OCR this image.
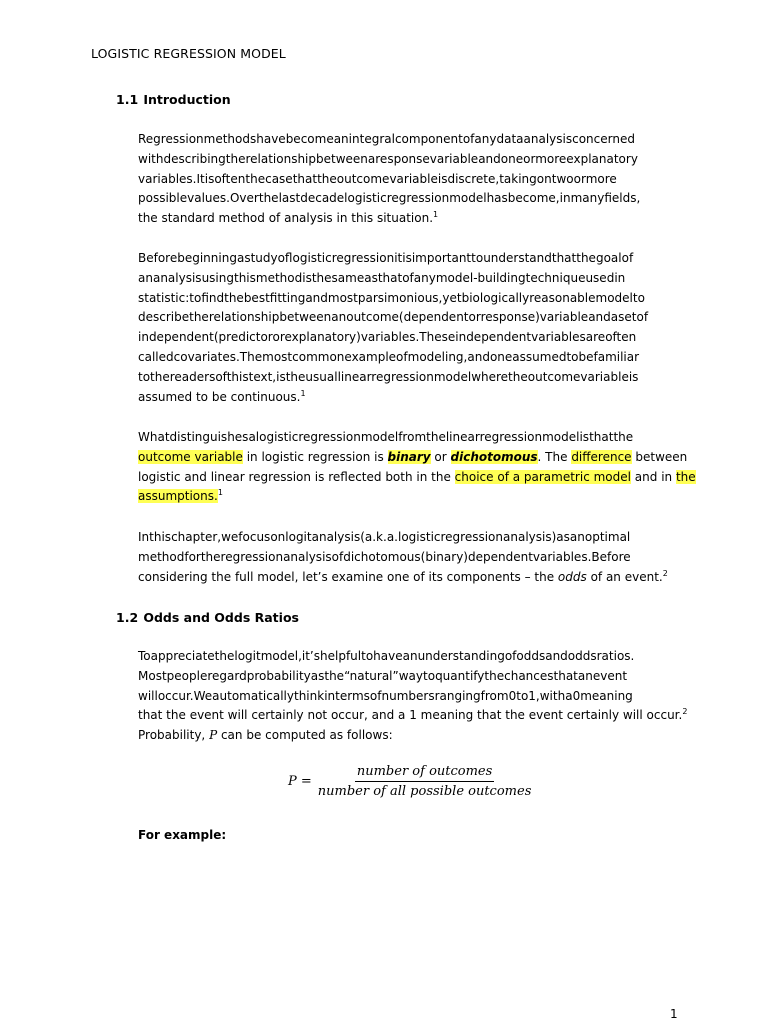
LOGISTIC REGRESSION MODEL
1.1 Introduction
Regressionmethodshavebecomeanintegralcomponentofanydataanalysisconcerned
withdescribingtherelationshipbetweenaresponsevariableandoneormoreexplanatory
variables.Itisoftenthecasethattheoutcomevariableisdiscrete,takingontwoormore
possiblevalues.Overthelastdecadelogisticregressionmodelhasbecome,inmanyfields,
the standard method of analysis in this situation.$^1$
Beforebeginningastudyoflogisticregressionitisimportanttounderstandthatthegoalof
ananalysisusingthismethodisthesameasthatofanymodel-buildingtechniqueusedin
statistic:tofindthebestfittingandmostparsimonious,yetbiologicallyreasonablemodelto
describetherelationshipbetweenanoutcome(dependentorresponse)variableandasetof
independent(predictororexplanatory)variables.Theseindependentvariablesareoften
calledcovariates.Themostcommonexampleofmodeling,andoneassumedtobefamiliar
tothereadersofthistext,istheusuallinearregressionmodelwheretheoutcomevariableis
assumed to be continuous.$^1$
Whatdistinguishesalogisticregressionmodelfromthelinearregressionmodelisthatthe
outcome variable in logistic regression is binary or dichotomous. The difference between
logistic and linear regression is reflected both in the choice of a parametric model and in the
assumptions.$^1$
Inthischapter,wefocusonlogitanalysis(a.k.a.logisticregressionanalysis)asanoptimal
methodfortheregressionanalysisofdichotomous(binary)dependentvariables.Before
considering the full model, let’s examine one of its components – the odds of an event.$^2$
1.2 Odds and Odds Ratios
Toappreciatethelogitmodel,it’shelpfultohaveanunderstandingofoddsandoddsratios.
Mostpeopleregardprobabilityasthe“natural”waytoquantifythechancesthatanevent
willoccur.Weautomaticallythinkintermsofnumbersrangingfrom0to1,witha0meaning
that the event will certainly not occur, and a 1 meaning that the event certainly will occur.$^2$
Probability, P can be computed as follows:
$P = \frac{\text{number of outcomes}}{\text{number of all possible outcomes}}$
For example:
1
